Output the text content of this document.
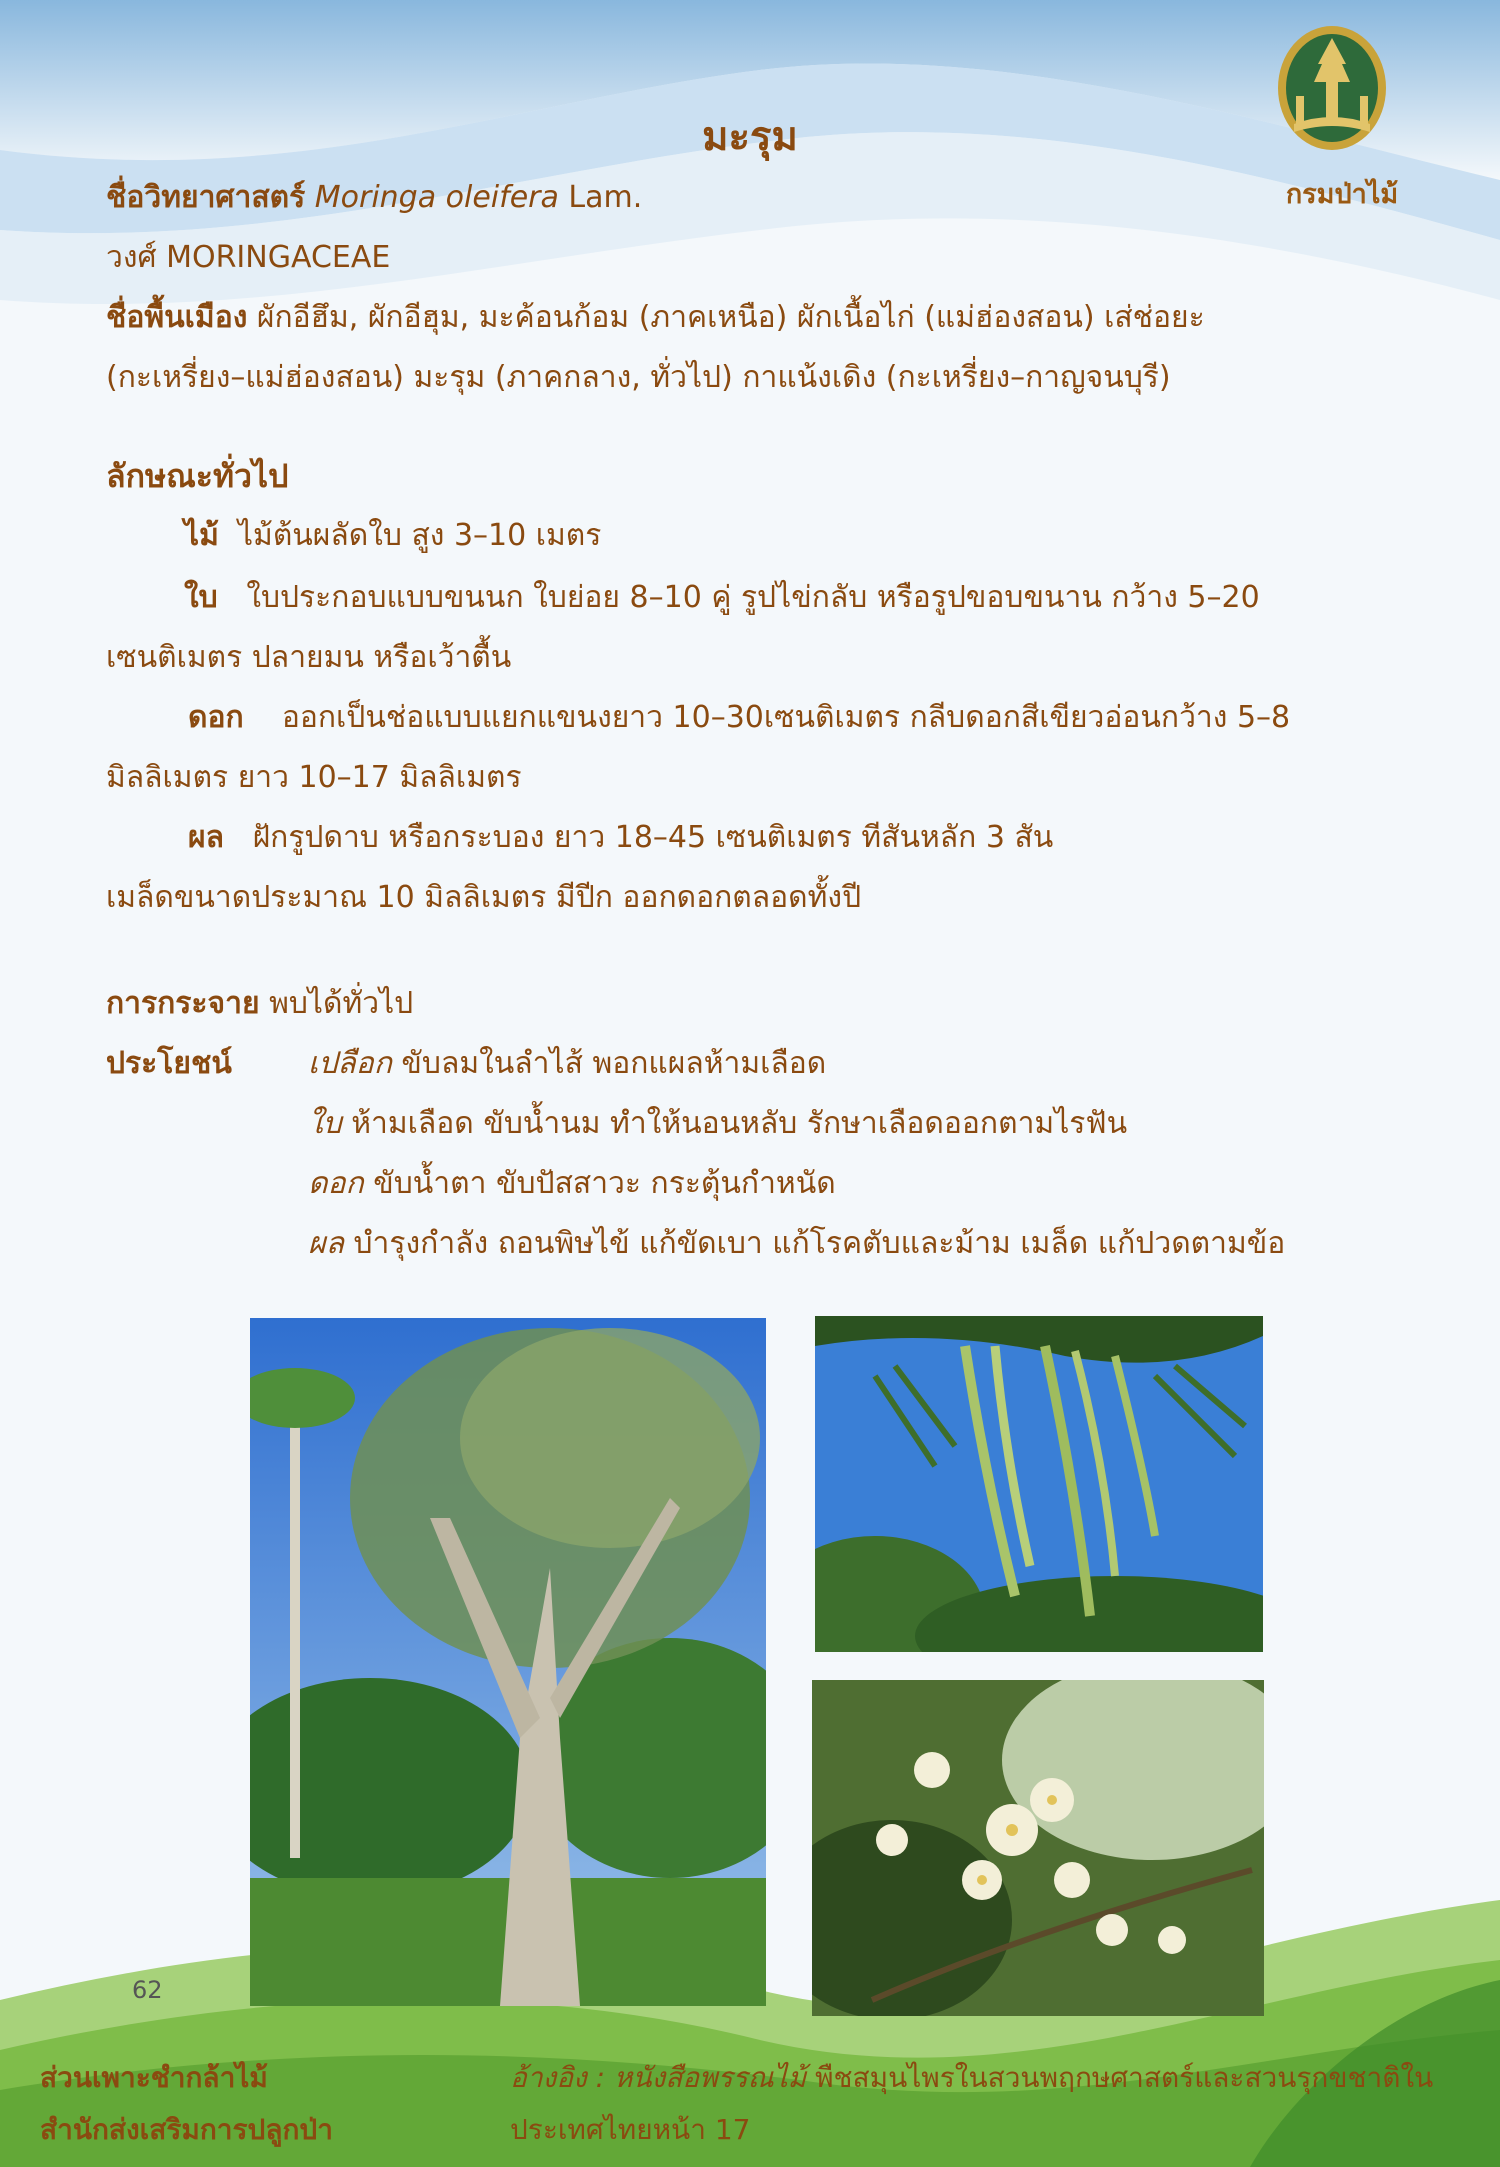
กรมป่าไม้
มะรุม
ชื่อวิทยาศาสตร์ Moringa oleifera Lam.
วงศ์ MORINGACEAE
ชื่อพื้นเมือง ผักอีฮึม, ผักอีฮุม, มะค้อนก้อม (ภาคเหนือ) ผักเนื้อไก่ (แม่ฮ่องสอน) เส่ช่อยะ
(กะเหรี่ยง–แม่ฮ่องสอน) มะรุม (ภาคกลาง, ทั่วไป) กาแน้งเดิง (กะเหรี่ยง–กาญจนบุรี)
ลักษณะทั่วไป
ไม้ ไม้ต้นผลัดใบ สูง 3–10 เมตร
ใบ ใบประกอบแบบขนนก ใบย่อย 8–10 คู่ รูปไข่กลับ หรือรูปขอบขนาน กว้าง 5–20
เซนติเมตร ปลายมน หรือเว้าตื้น
ดอก ออกเป็นช่อแบบแยกแขนงยาว 10–30เซนติเมตร กลีบดอกสีเขียวอ่อนกว้าง 5–8
มิลลิเมตร ยาว 10–17 มิลลิเมตร
ผล ฝักรูปดาบ หรือกระบอง ยาว 18–45 เซนติเมตร ทีสันหลัก 3 สัน
เมล็ดขนาดประมาณ 10 มิลลิเมตร มีปีก ออกดอกตลอดทั้งปี
การกระจาย พบได้ทั่วไป
ประโยชน์	เปลือก ขับลมในลำไส้ พอกแผลห้ามเลือด
ใบ ห้ามเลือด ขับน้ำนม ทำให้นอนหลับ รักษาเลือดออกตามไรฟัน
ดอก ขับน้ำตา ขับปัสสาวะ กระตุ้นกำหนัด
ผล บำรุงกำลัง ถอนพิษไข้ แก้ขัดเบา แก้โรคตับและม้าม เมล็ด แก้ปวดตามข้อ
62
ส่วนเพาะชำกล้าไม้
สำนักส่งเสริมการปลูกป่า
อ้างอิง : หนังสือพรรณไม้ พืชสมุนไพรในสวนพฤกษศาสตร์และสวนรุกขชาติใน
ประเทศไทยหน้า 17
